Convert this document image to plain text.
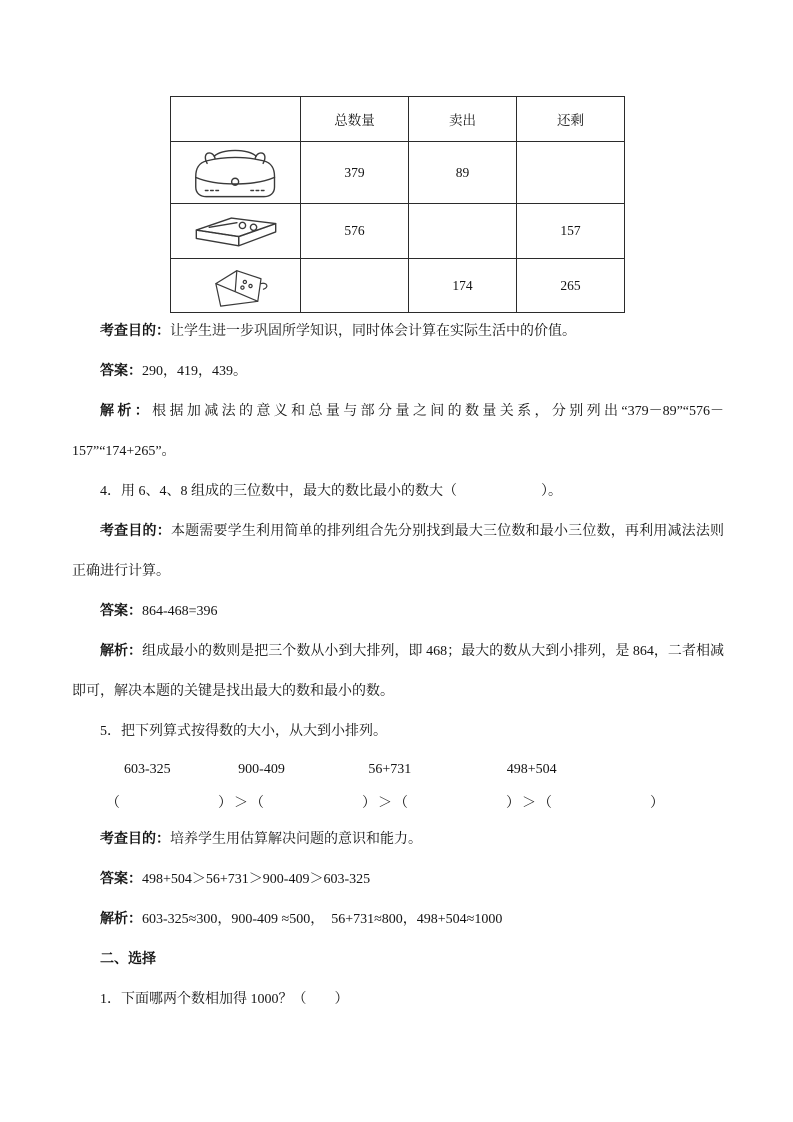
	总数量	卖出	还剩

	379	89	

	576		157

		174	265

考查目的：让学生进一步巩固所学知识，同时体会计算在实际生活中的价值。

答案：290，419，439。

解析：根据加减法的意义和总量与部分量之间的数量关系，分别列出“379－89”“576－157”“174+265”。

4．用 6、4、8 组成的三位数中，最大的数比最小的数大（　　　　　　）。

考查目的：本题需要学生利用简单的排列组合先分别找到最大三位数和最小三位数，再利用减法法则正确进行计算。

答案：864-468=396

解析：组成最小的数则是把三个数从小到大排列，即 468；最大的数从大到小排列，是 864，二者相减即可，解决本题的关键是找出最大的数和最小的数。

5．把下列算式按得数的大小，从大到小排列。

603-325	900-409	56+731	498+504

（　　　　　　）＞（　　　　　　）＞（　　　　　　）＞（　　　　　　）

考查目的：培养学生用估算解决问题的意识和能力。

答案：498+504＞56+731＞900-409＞603-325

解析：603-325≈300，900-409 ≈500，　56+731≈800，498+504≈1000

二、选择

1．下面哪两个数相加得 1000？（　　）
